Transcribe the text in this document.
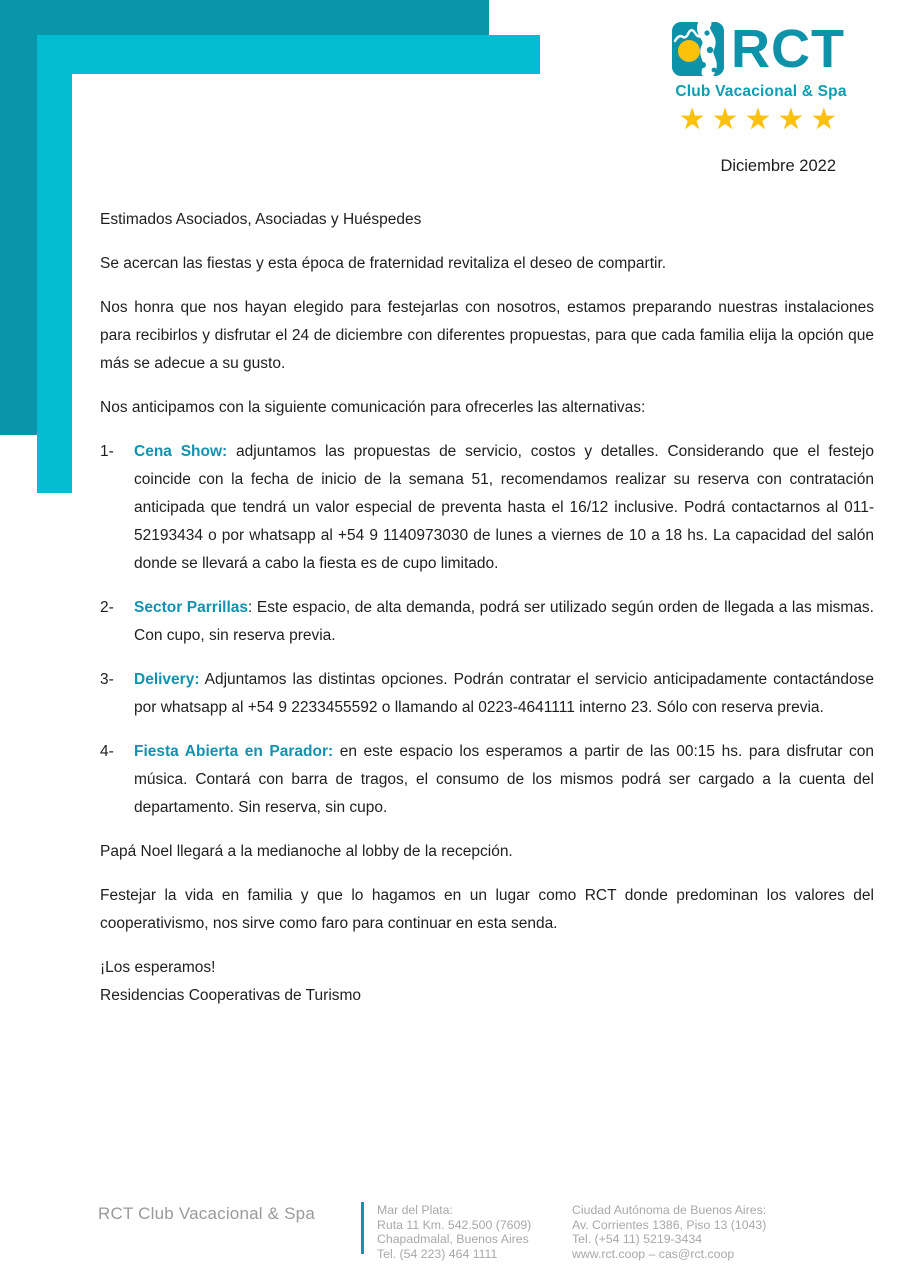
RCT
Club Vacacional & Spa
★★★★★
Diciembre 2022

Estimados Asociados, Asociadas y Huéspedes

Se acercan las fiestas y esta época de fraternidad revitaliza el deseo de compartir.

Nos honra que nos hayan elegido para festejarlas con nosotros, estamos preparando nuestras instalaciones para recibirlos y disfrutar el 24 de diciembre con diferentes propuestas, para que cada familia elija la opción que más se adecue a su gusto.

Nos anticipamos con la siguiente comunicación para ofrecerles las alternativas:

1-	Cena Show: adjuntamos las propuestas de servicio, costos y detalles. Considerando que el festejo coincide con la fecha de inicio de la semana 51, recomendamos realizar su reserva con contratación anticipada que tendrá un valor especial de preventa hasta el 16/12 inclusive. Podrá contactarnos al 011-52193434 o por whatsapp al +54 9 1140973030 de lunes a viernes de 10 a 18 hs. La capacidad del salón donde se llevará a cabo la fiesta es de cupo limitado.

2-	Sector Parrillas: Este espacio, de alta demanda, podrá ser utilizado según orden de llegada a las mismas. Con cupo, sin reserva previa.

3-	Delivery: Adjuntamos las distintas opciones. Podrán contratar el servicio anticipadamente contactándose por whatsapp al +54 9 2233455592 o llamando al 0223-4641111 interno 23. Sólo con reserva previa.

4-	Fiesta Abierta en Parador: en este espacio los esperamos a partir de las 00:15 hs. para disfrutar con música. Contará con barra de tragos, el consumo de los mismos podrá ser cargado a la cuenta del departamento. Sin reserva, sin cupo.

Papá Noel llegará a la medianoche al lobby de la recepción.

Festejar la vida en familia y que lo hagamos en un lugar como RCT donde predominan los valores del cooperativismo, nos sirve como faro para continuar en esta senda.

¡Los esperamos!

Residencias Cooperativas de Turismo

RCT Club Vacacional & Spa	Mar del Plata:
Ruta 11 Km. 542.500 (7609)
Chapadmalal, Buenos Aires
Tel. (54 223) 464 1111
Ciudad Autónoma de Buenos Aires:
Av. Corrientes 1386, Piso 13 (1043)
Tel. (+54 11) 5219-3434
www.rct.coop – cas@rct.coop
